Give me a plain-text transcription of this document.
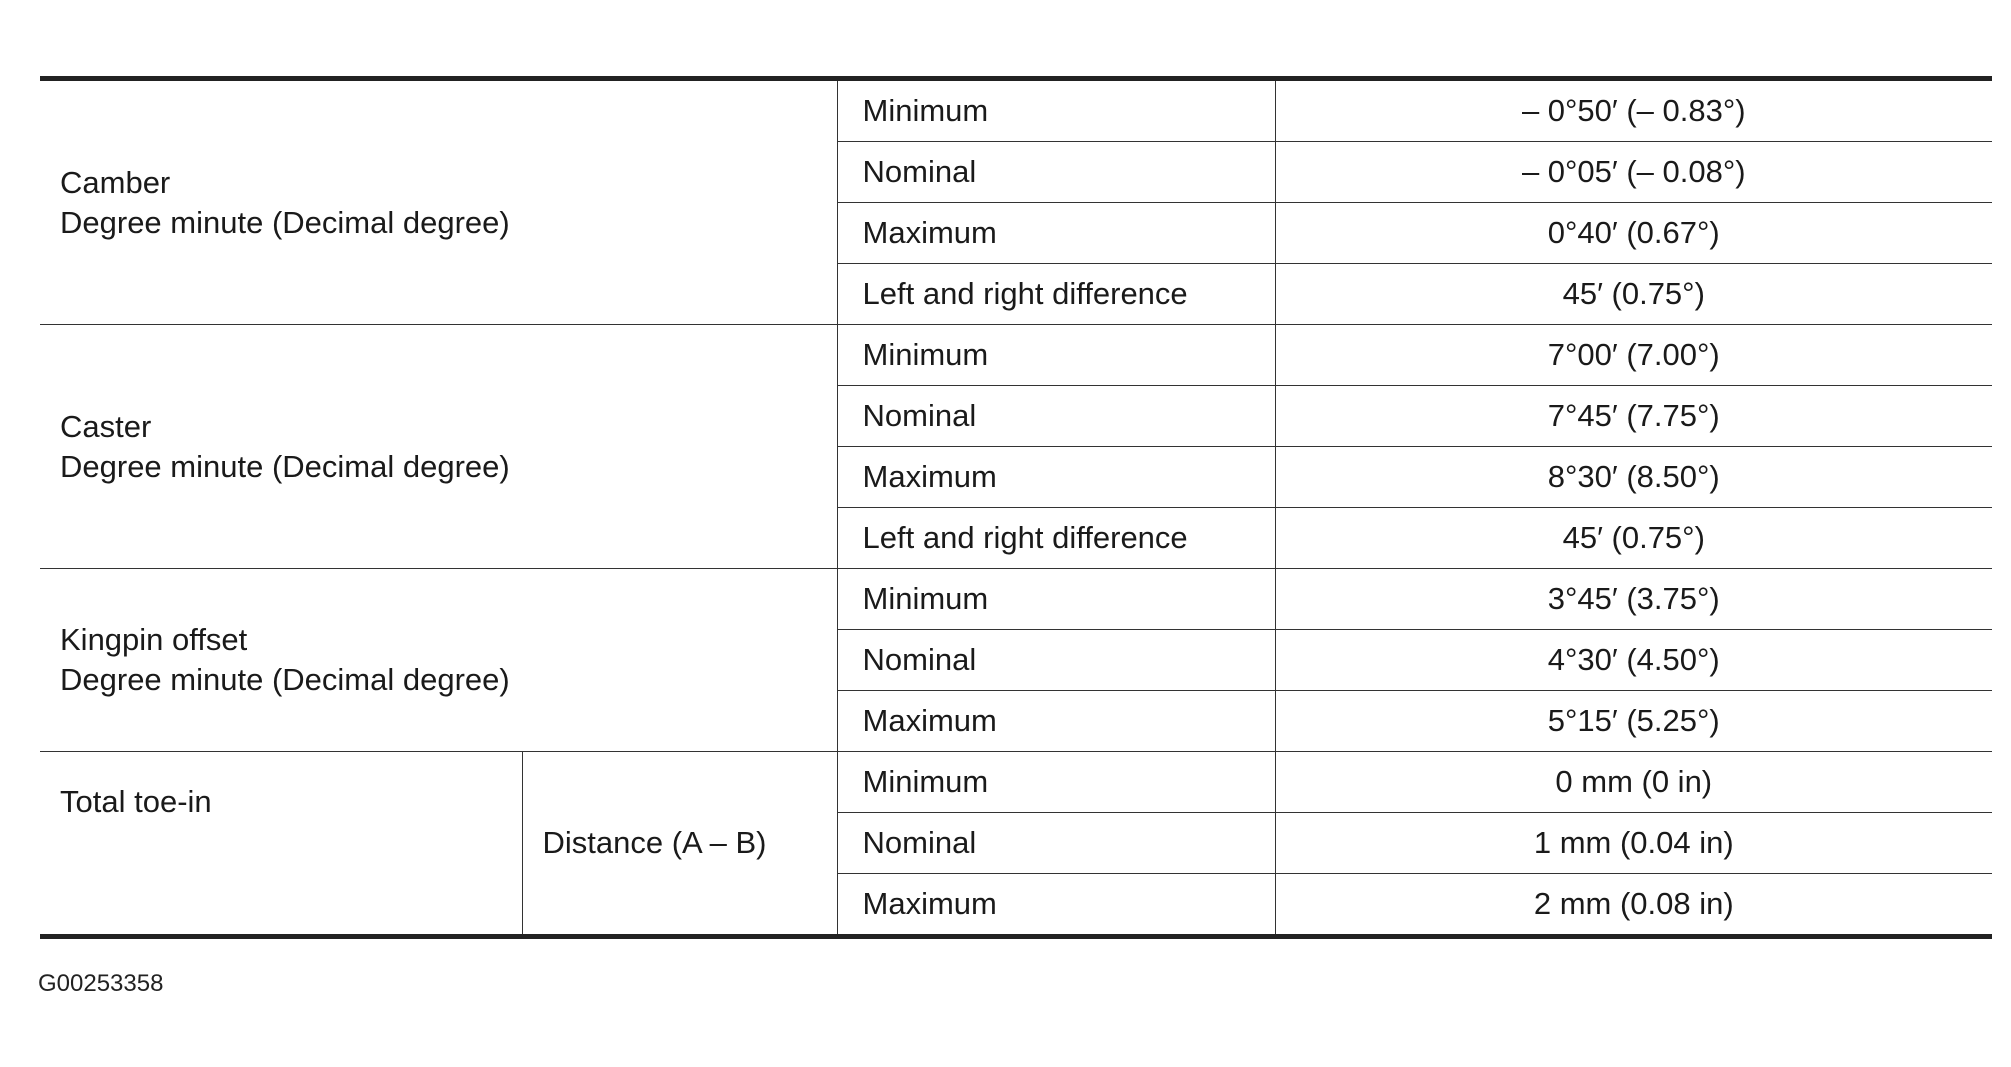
Camber
Degree minute (Decimal degree)		Minimum	– 0°50′ (– 0.83°)
		Nominal	– 0°05′ (– 0.08°)
		Maximum	0°40′ (0.67°)
		Left and right difference	45′ (0.75°)

Caster
Degree minute (Decimal degree)		Minimum	7°00′ (7.00°)
		Nominal	7°45′ (7.75°)
		Maximum	8°30′ (8.50°)
		Left and right difference	45′ (0.75°)

Kingpin offset
Degree minute (Decimal degree)		Minimum	3°45′ (3.75°)
		Nominal	4°30′ (4.50°)
		Maximum	5°15′ (5.25°)

Total toe-in	Distance (A – B)	Minimum	0 mm (0 in)
		Nominal	1 mm (0.04 in)
		Maximum	2 mm (0.08 in)
G00253358
